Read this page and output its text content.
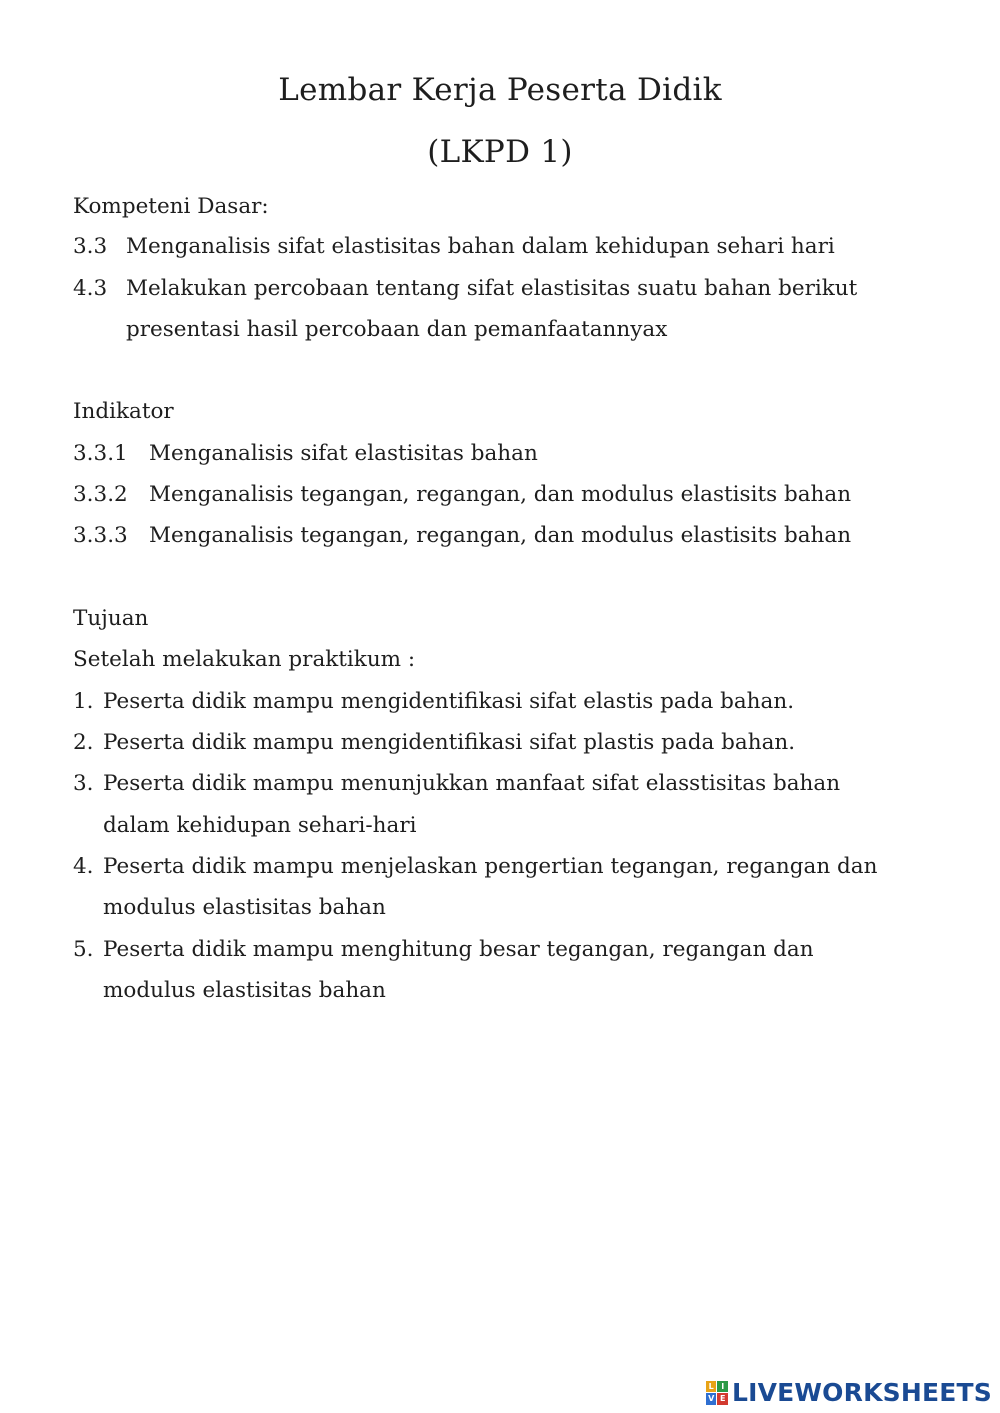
Lembar Kerja Peserta Didik
(LKPD 1)
Kompeteni Dasar:
3.3 Menganalisis sifat elastisitas bahan dalam kehidupan sehari hari
4.3 Melakukan percobaan tentang sifat elastisitas suatu bahan berikut
presentasi hasil percobaan dan pemanfaatannyax
Indikator
3.3.1 Menganalisis sifat elastisitas bahan
3.3.2 Menganalisis tegangan, regangan, dan modulus elastisits bahan
3.3.3 Menganalisis tegangan, regangan, dan modulus elastisits bahan
Tujuan
Setelah melakukan praktikum :
1. Peserta didik mampu mengidentifikasi sifat elastis pada bahan.
2. Peserta didik mampu mengidentifikasi sifat plastis pada bahan.
3. Peserta didik mampu menunjukkan manfaat sifat elasstisitas bahan
dalam kehidupan sehari-hari
4. Peserta didik mampu menjelaskan pengertian tegangan, regangan dan
modulus elastisitas bahan
5. Peserta didik mampu menghitung besar tegangan, regangan dan
modulus elastisitas bahan
L I
V E LIVEWORKSHEETS
